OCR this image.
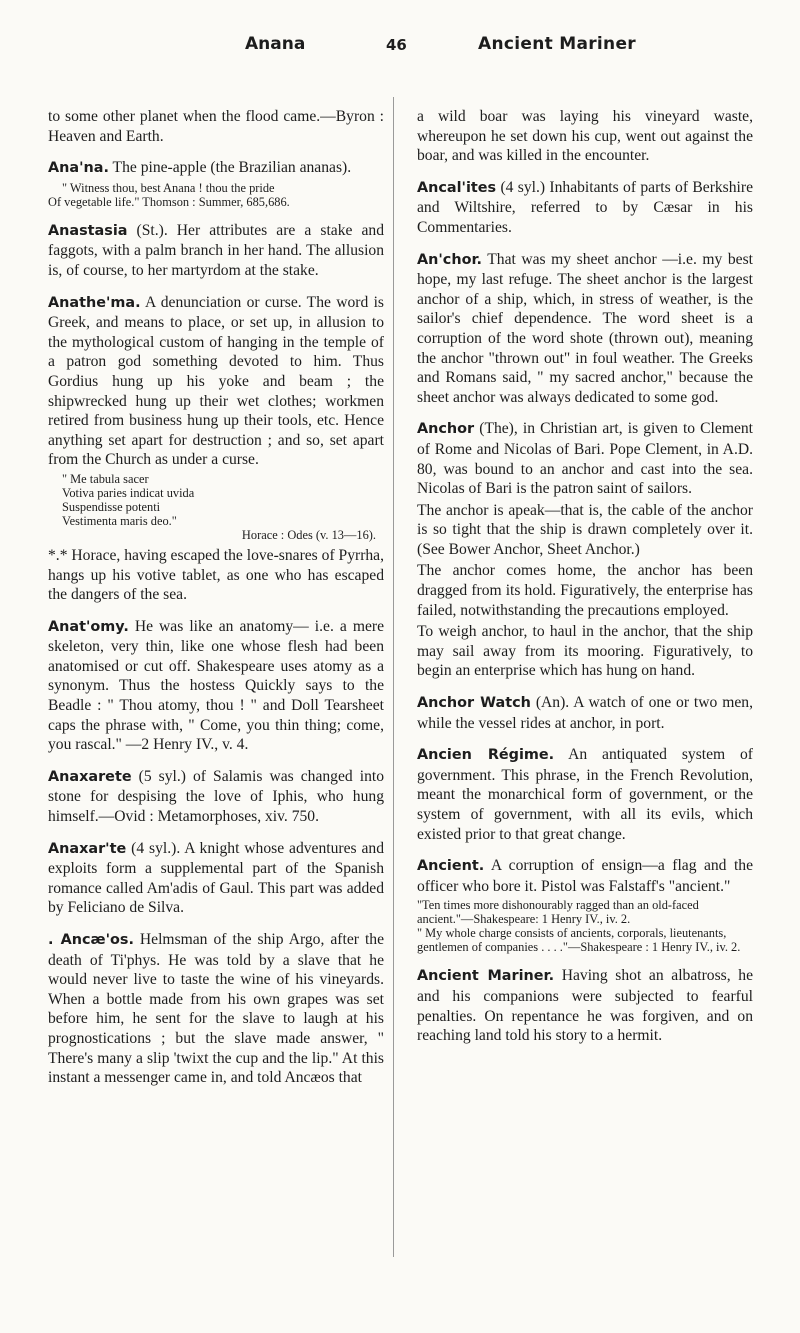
Anana	46	Ancient Mariner

to some other planet when the flood came.—Byron : Heaven and Earth.

Ana'na. The pine-apple (the Brazilian ananas).

" Witness thou, best Anana ! thou the pride
Of vegetable life." Thomson : Summer, 685,686.

Anastasia (St.). Her attributes are a stake and faggots, with a palm branch in her hand. The allusion is, of course, to her martyrdom at the stake.

Anathe'ma. A denunciation or curse. The word is Greek, and means to place, or set up, in allusion to the mythological custom of hanging in the temple of a patron god something devoted to him. Thus Gordius hung up his yoke and beam ; the shipwrecked hung up their wet clothes; workmen retired from business hung up their tools, etc. Hence anything set apart for destruction ; and so, set apart from the Church as under a curse.

" Me tabula sacer
Votiva paries indicat uvida
Suspendisse potenti
Vestimenta maris deo."
Horace : Odes (v. 13—16).

*.* Horace, having escaped the love-snares of Pyrrha, hangs up his votive tablet, as one who has escaped the dangers of the sea.

Anat'omy. He was like an anatomy— i.e. a mere skeleton, very thin, like one whose flesh had been anatomised or cut off. Shakespeare uses atomy as a synonym. Thus the hostess Quickly says to the Beadle : " Thou atomy, thou ! " and Doll Tearsheet caps the phrase with, " Come, you thin thing; come, you rascal." —2 Henry IV., v. 4.

Anaxarete (5 syl.) of Salamis was changed into stone for despising the love of Iphis, who hung himself.—Ovid : Metamorphoses, xiv. 750.

Anaxar'te (4 syl.). A knight whose adventures and exploits form a supplemental part of the Spanish romance called Am'adis of Gaul. This part was added by Feliciano de Silva.

. Ancæ'os. Helmsman of the ship Argo, after the death of Ti'phys. He was told by a slave that he would never live to taste the wine of his vineyards. When a bottle made from his own grapes was set before him, he sent for the slave to laugh at his prognostications ; but the slave made answer, " There's many a slip 'twixt the cup and the lip." At this instant a messenger came in, and told Ancæos that

a wild boar was laying his vineyard waste, whereupon he set down his cup, went out against the boar, and was killed in the encounter.

Ancal'ites (4 syl.) Inhabitants of parts of Berkshire and Wiltshire, referred to by Cæsar in his Commentaries.

An'chor. That was my sheet anchor —i.e. my best hope, my last refuge. The sheet anchor is the largest anchor of a ship, which, in stress of weather, is the sailor's chief dependence. The word sheet is a corruption of the word shote (thrown out), meaning the anchor "thrown out" in foul weather. The Greeks and Romans said, " my sacred anchor," because the sheet anchor was always dedicated to some god.

Anchor (The), in Christian art, is given to Clement of Rome and Nicolas of Bari. Pope Clement, in A.D. 80, was bound to an anchor and cast into the sea. Nicolas of Bari is the patron saint of sailors.

The anchor is apeak—that is, the cable of the anchor is so tight that the ship is drawn completely over it. (See Bower Anchor, Sheet Anchor.)

The anchor comes home, the anchor has been dragged from its hold. Figuratively, the enterprise has failed, notwithstanding the precautions employed.

To weigh anchor, to haul in the anchor, that the ship may sail away from its mooring. Figuratively, to begin an enterprise which has hung on hand.

Anchor Watch (An). A watch of one or two men, while the vessel rides at anchor, in port.

Ancien Régime. An antiquated system of government. This phrase, in the French Revolution, meant the monarchical form of government, or the system of government, with all its evils, which existed prior to that great change.

Ancient. A corruption of ensign—a flag and the officer who bore it. Pistol was Falstaff's "ancient."

"Ten times more dishonourably ragged than an old-faced ancient."—Shakespeare: 1 Henry IV., iv. 2.
" My whole charge consists of ancients, corporals, lieutenants, gentlemen of companies . . . ."—Shakespeare : 1 Henry IV., iv. 2.

Ancient Mariner. Having shot an albatross, he and his companions were subjected to fearful penalties. On repentance he was forgiven, and on reaching land told his story to a hermit.
